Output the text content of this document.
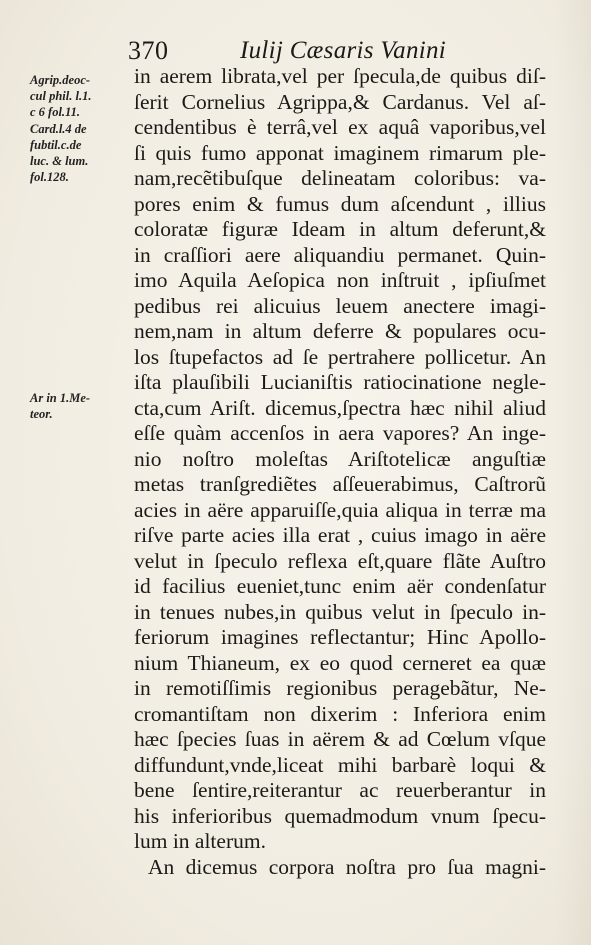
370	Iulij Cæsaris Vanini
Agrip.deoc-
cul phil. l.1.
c 6 fol.11.
Card.l.4 de
fubtil.c.de
luc. & lum.
fol.128.
Ar in 1.Me-
teor.
in aerem librata,vel per ſpecula,de quibus diſ-
ſerit Cornelius Agrippa,& Cardanus. Vel aſ-
cendentibus è terrâ,vel ex aquâ vaporibus,vel
ſi quis fumo apponat imaginem rimarum ple-
nam,recẽtibuſque delineatam coloribus: va-
pores enim & fumus dum aſcendunt , illius
coloratæ figuræ Ideam in altum deferunt,&
in craſſiori aere aliquandiu permanet. Quin-
imo Aquila Aeſopica non inſtruit , ipſiuſmet
pedibus rei alicuius leuem anectere imagi-
nem,nam in altum deferre & populares ocu-
los ſtupefactos ad ſe pertrahere pollicetur. An
iſta plauſibili Lucianiſtis ratiocinatione negle-
cta,cum Ariſt. dicemus,ſpectra hæc nihil aliud
eſſe quàm accenſos in aera vapores? An inge-
nio noſtro moleſtas Ariſtotelicæ anguſtiæ
metas tranſgrediẽtes aſſeuerabimus, Caſtrorũ
acies in aëre apparuiſſe,quia aliqua in terræ ma
riſve parte acies illa erat , cuius imago in aëre
velut in ſpeculo reflexa eſt,quare flãte Auſtro
id facilius eueniet,tunc enim aër condenſatur
in tenues nubes,in quibus velut in ſpeculo in-
feriorum imagines reflectantur; Hinc Apollo-
nium Thianeum, ex eo quod cerneret ea quæ
in remotiſſimis regionibus peragebãtur, Ne-
cromantiſtam non dixerim : Inferiora enim
hæc ſpecies ſuas in aërem & ad Cœlum vſque
diffundunt,vnde,liceat mihi barbarè loqui &
bene ſentire,reiterantur ac reuerberantur in
his inferioribus quemadmodum vnum ſpecu-
lum in alterum.
An dicemus corpora noſtra pro ſua magni-
